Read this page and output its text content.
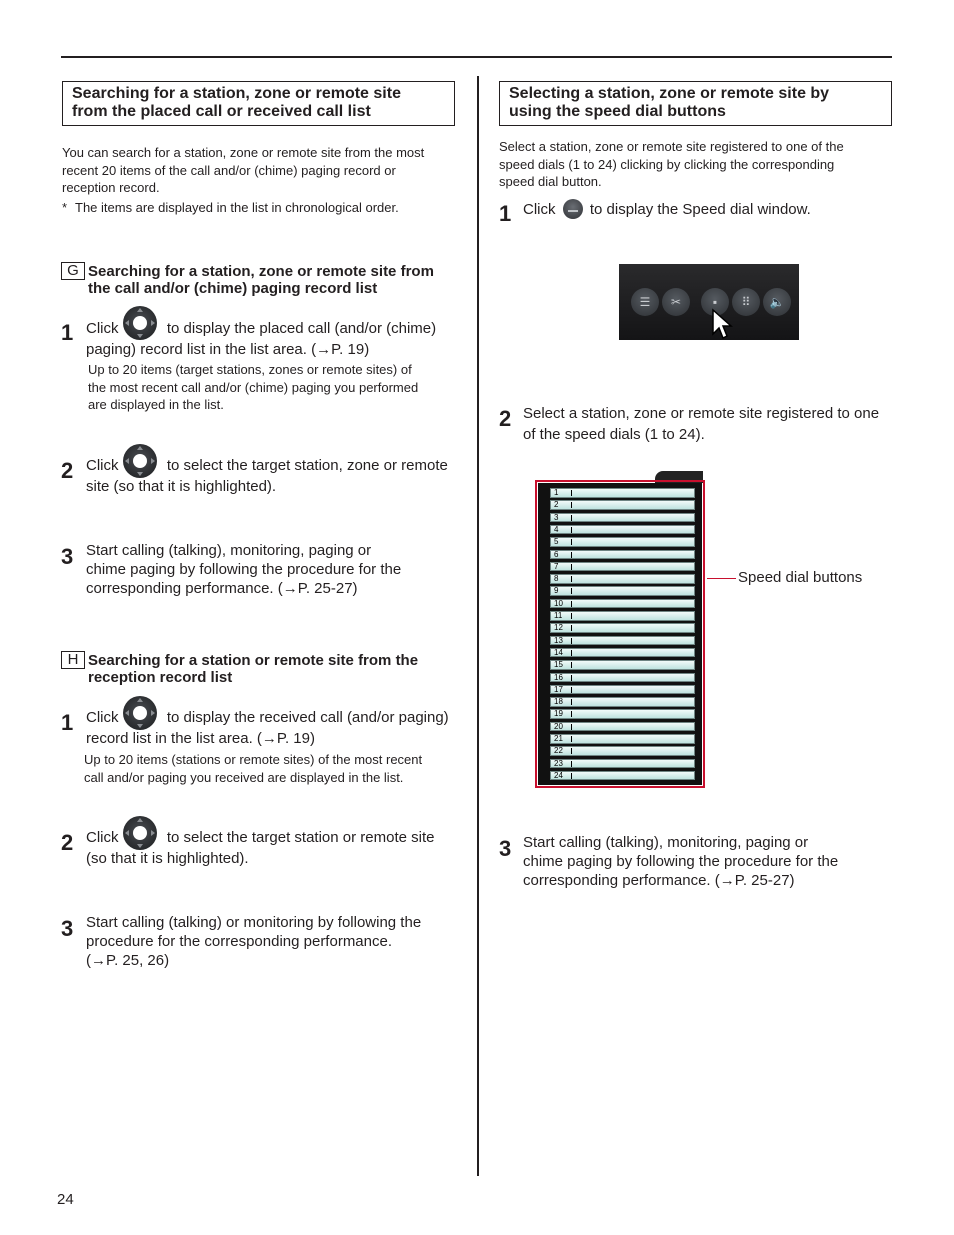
Searching for a station, zone or remote site
from the placed call or received call list
You can search for a station, zone or remote site from the most
recent 20 items of the call and/or (chime) paging record or
reception record.
* The items are displayed in the list in chronological order.
G Searching for a station, zone or remote site from
the call and/or (chime) paging record list
1 Click	to display the placed call (and/or (chime)
paging) record list in the list area. (→P. 19)
Up to 20 items (target stations, zones or remote sites) of
the most recent call and/or (chime) paging you performed
are displayed in the list.
2 Click	to select the target station, zone or remote
site (so that it is highlighted).
3 Start calling (talking), monitoring, paging or
chime paging by following the procedure for the
corresponding performance. (→P. 25-27)
H Searching for a station or remote site from the
reception record list
1 Click	to display the received call (and/or paging)
record list in the list area. (→P. 19)
Up to 20 items (stations or remote sites) of the most recent
call and/or paging you received are displayed in the list.
2 Click	to select the target station or remote site
(so that it is highlighted).
3 Start calling (talking) or monitoring by following the
procedure for the corresponding performance.
(→P. 25, 26)
Selecting a station, zone or remote site by
using the speed dial buttons
Select a station, zone or remote site registered to one of the
speed dials (1 to 24) clicking by clicking the corresponding
speed dial button.
1 Click to display the Speed dial window.
☰	✂	▪	⠿	🔈
2 Select a station, zone or remote site registered to one
of the speed dials (1 to 24).
1
2
3
4
5
6
7
8
9
10
11
12
13
14
15
16
17
18
19
20
21
22
23
24
Speed dial buttons
3 Start calling (talking), monitoring, paging or
chime paging by following the procedure for the
corresponding performance. (→P. 25-27)
24
